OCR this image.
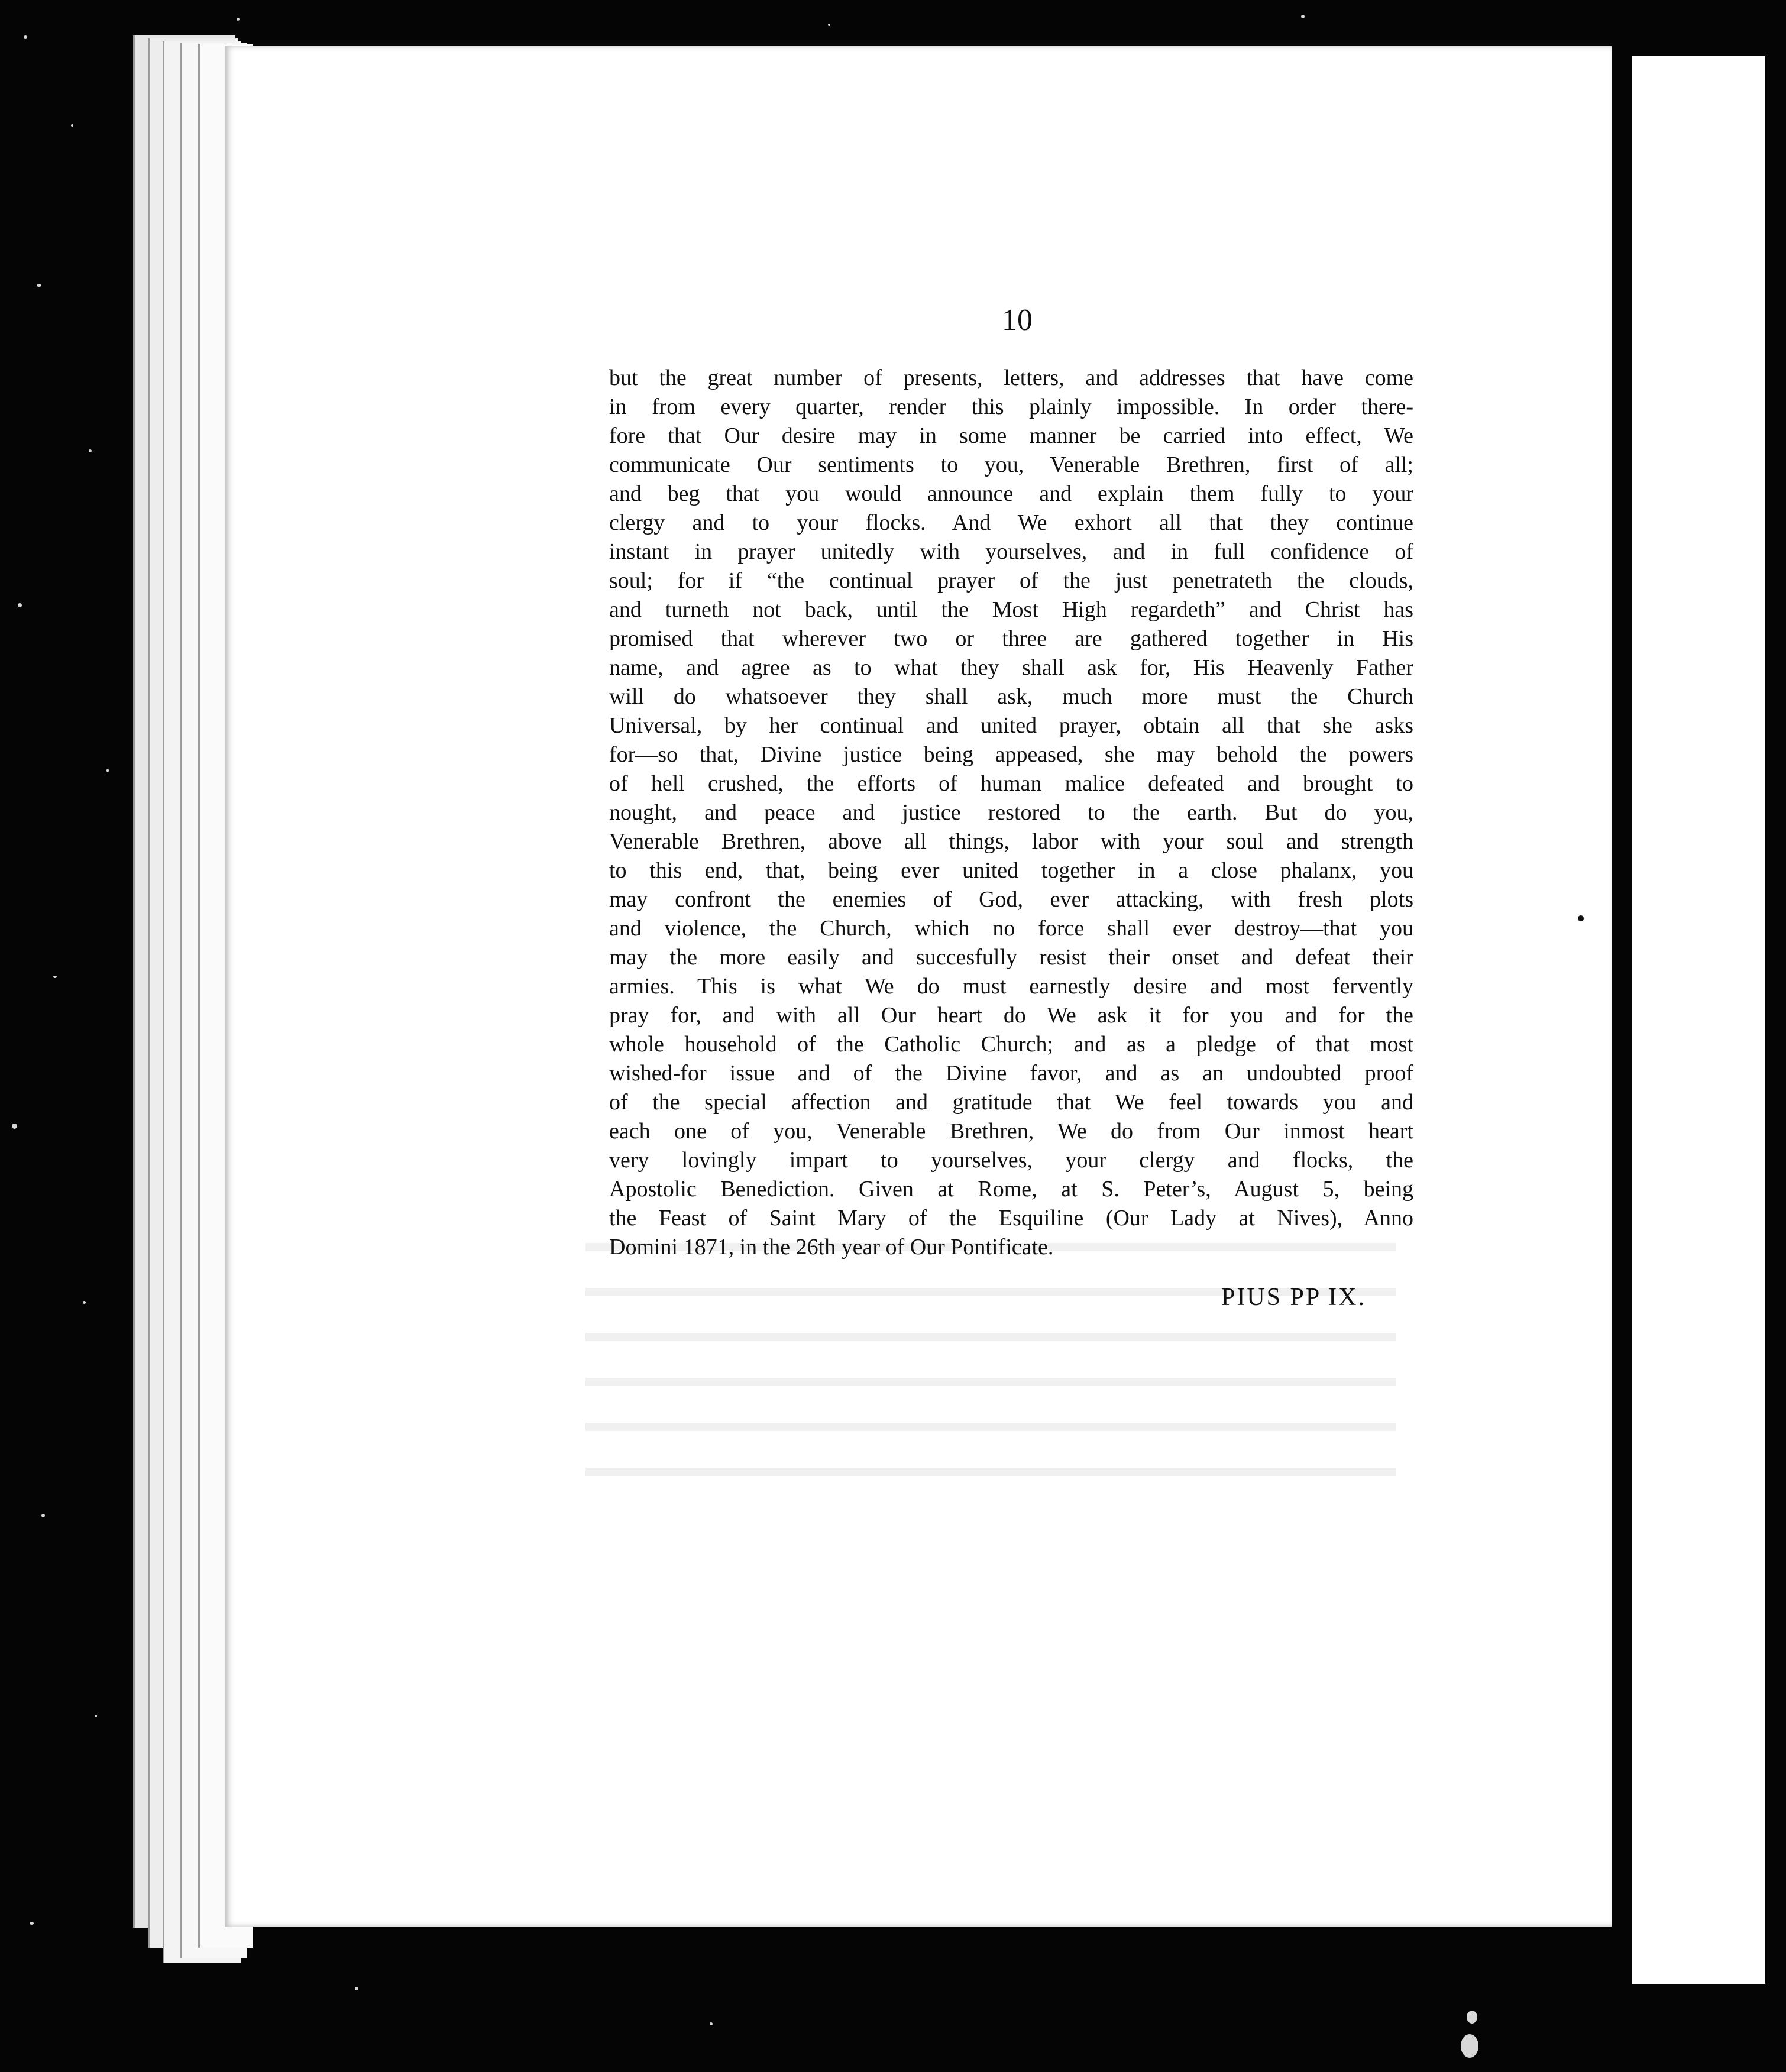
10
but the great number of presents, letters, and addresses that have come
in from every quarter, render this plainly impossible. In order there-
fore that Our desire may in some manner be carried into effect, We
communicate Our sentiments to you, Venerable Brethren, first of all;
and beg that you would announce and explain them fully to your
clergy and to your flocks. And We exhort all that they continue
instant in prayer unitedly with yourselves, and in full confidence of
soul; for if “the continual prayer of the just penetrateth the clouds,
and turneth not back, until the Most High regardeth” and Christ has
promised that wherever two or three are gathered together in His
name, and agree as to what they shall ask for, His Heavenly Father
will do whatsoever they shall ask, much more must the Church
Universal, by her continual and united prayer, obtain all that she asks
for—so that, Divine justice being appeased, she may behold the powers
of hell crushed, the efforts of human malice defeated and brought to
nought, and peace and justice restored to the earth. But do you,
Venerable Brethren, above all things, labor with your soul and strength
to this end, that, being ever united together in a close phalanx, you
may confront the enemies of God, ever attacking, with fresh plots
and violence, the Church, which no force shall ever destroy—that you
may the more easily and succesfully resist their onset and defeat their
armies. This is what We do must earnestly desire and most fervently
pray for, and with all Our heart do We ask it for you and for the
whole household of the Catholic Church; and as a pledge of that most
wished-for issue and of the Divine favor, and as an undoubted proof
of the special affection and gratitude that We feel towards you and
each one of you, Venerable Brethren, We do from Our inmost heart
very lovingly impart to yourselves, your clergy and flocks, the
Apostolic Benediction. Given at Rome, at S. Peter’s, August 5, being
the Feast of Saint Mary of the Esquiline (Our Lady at Nives), Anno
Domini 1871, in the 26th year of Our Pontificate.
PIUS PP IX.
